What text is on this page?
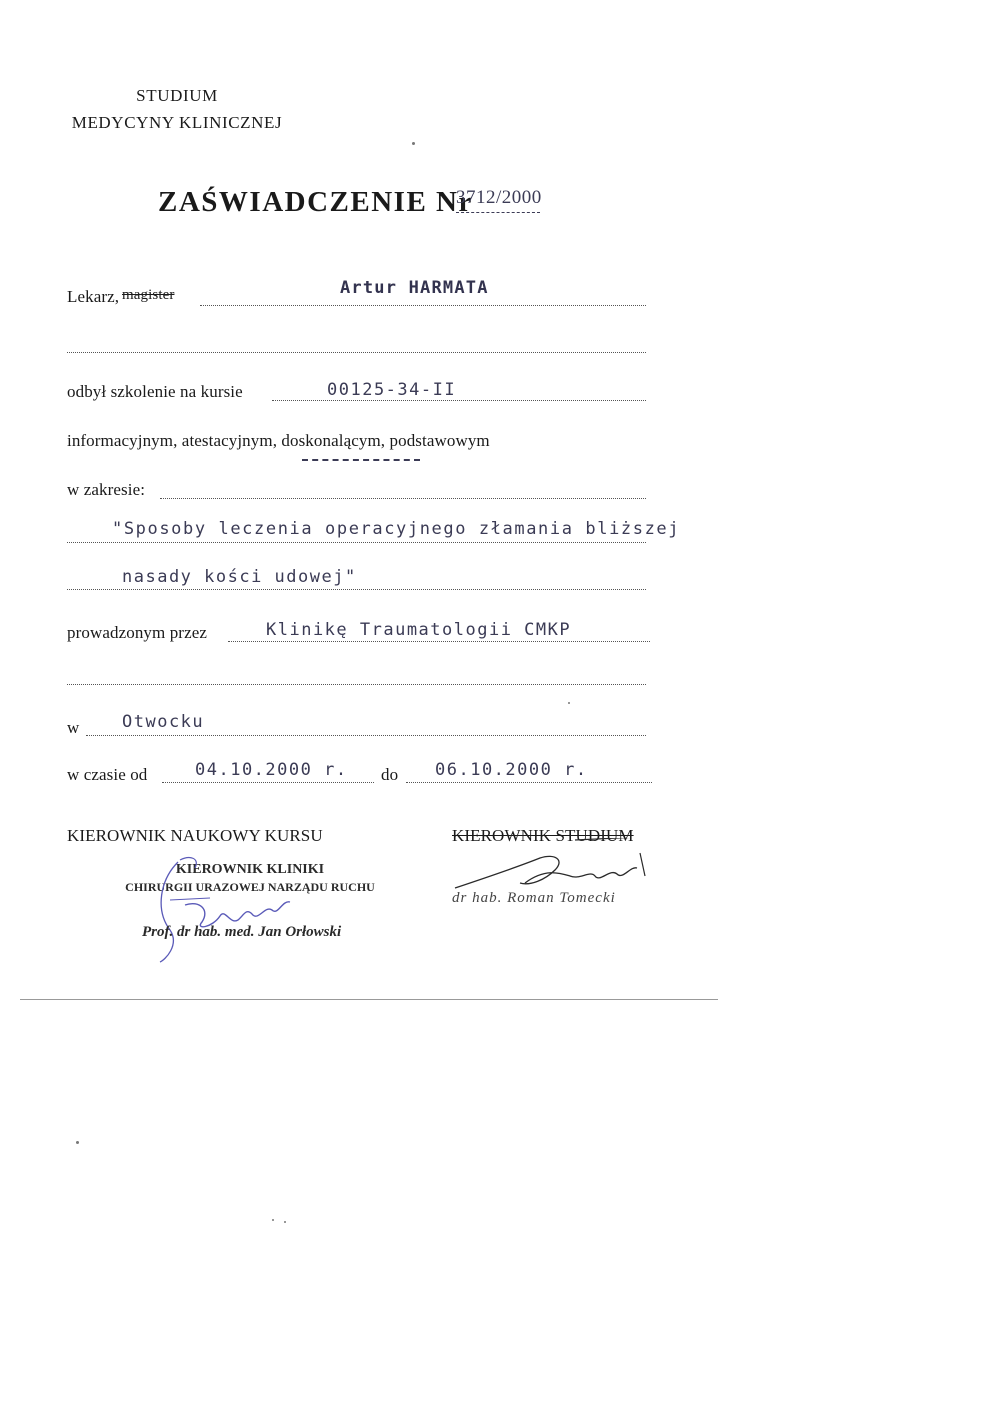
STUDIUM
MEDYCYNY KLINICZNEJ
ZAŚWIADCZENIE Nr
3712/2000
Lekarz, magister	Artur HARMATA
odbył szkolenie na kursie	00125-34-II
informacyjnym, atestacyjnym, doskonalącym, podstawowym
w zakresie:
"Sposoby leczenia operacyjnego złamania bliższej
nasady kości udowej"
prowadzonym przez	Klinikę Traumatologii CMKP
w	Otwocku
w czasie od	04.10.2000 r. do 06.10.2000 r.
KIEROWNIK NAUKOWY KURSU
KIEROWNIK KLINIKI
CHIRURGII URAZOWEJ NARZĄDU RUCHU
Prof. dr hab. med. Jan Orłowski
KIEROWNIK STUDIUM
dr hab. Roman Tomecki
